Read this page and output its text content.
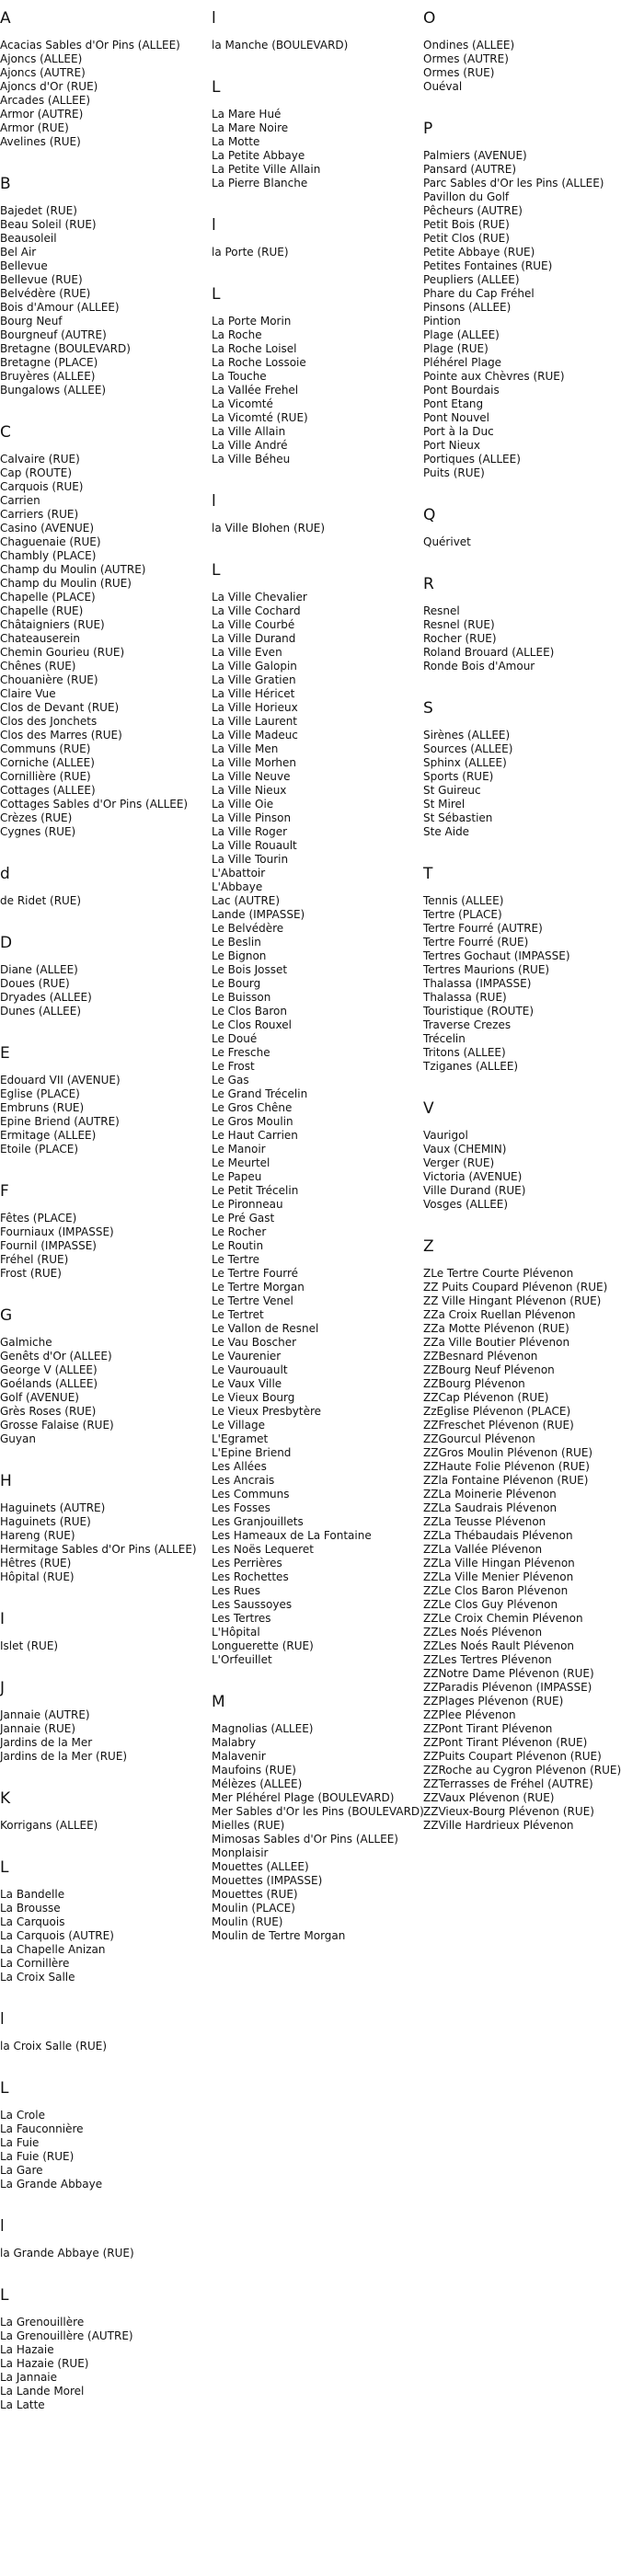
A
Acacias Sables d'Or Pins (ALLEE)
Ajoncs (ALLEE)
Ajoncs (AUTRE)
Ajoncs d'Or (RUE)
Arcades (ALLEE)
Armor (AUTRE)
Armor (RUE)
Avelines (RUE)
B
Bajedet (RUE)
Beau Soleil (RUE)
Beausoleil
Bel Air
Bellevue
Bellevue (RUE)
Belvédère (RUE)
Bois d'Amour (ALLEE)
Bourg Neuf
Bourgneuf (AUTRE)
Bretagne (BOULEVARD)
Bretagne (PLACE)
Bruyères (ALLEE)
Bungalows (ALLEE)
C
Calvaire (RUE)
Cap (ROUTE)
Carquois (RUE)
Carrien
Carriers (RUE)
Casino (AVENUE)
Chaguenaie (RUE)
Chambly (PLACE)
Champ du Moulin (AUTRE)
Champ du Moulin (RUE)
Chapelle (PLACE)
Chapelle (RUE)
Châtaigniers (RUE)
Chateauserein
Chemin Gourieu (RUE)
Chênes (RUE)
Chouanière (RUE)
Claire Vue
Clos de Devant (RUE)
Clos des Jonchets
Clos des Marres (RUE)
Communs (RUE)
Corniche (ALLEE)
Cornillière (RUE)
Cottages (ALLEE)
Cottages Sables d'Or Pins (ALLEE)
Crèzes (RUE)
Cygnes (RUE)
d
de Ridet (RUE)
D
Diane (ALLEE)
Doues (RUE)
Dryades (ALLEE)
Dunes (ALLEE)
E
Edouard VII (AVENUE)
Eglise (PLACE)
Embruns (RUE)
Epine Briend (AUTRE)
Ermitage (ALLEE)
Etoile (PLACE)
F
Fêtes (PLACE)
Fourniaux (IMPASSE)
Fournil (IMPASSE)
Fréhel (RUE)
Frost (RUE)
G
Galmiche
Genêts d'Or (ALLEE)
George V (ALLEE)
Goélands (ALLEE)
Golf (AVENUE)
Grès Roses (RUE)
Grosse Falaise (RUE)
Guyan
H
Haguinets (AUTRE)
Haguinets (RUE)
Hareng (RUE)
Hermitage Sables d'Or Pins (ALLEE)
Hêtres (RUE)
Hôpital (RUE)
I
Islet (RUE)
J
Jannaie (AUTRE)
Jannaie (RUE)
Jardins de la Mer
Jardins de la Mer (RUE)
K
Korrigans (ALLEE)
L
La Bandelle
La Brousse
La Carquois
La Carquois (AUTRE)
La Chapelle Anizan
La Cornillère
La Croix Salle
l
la Croix Salle (RUE)
L
La Crole
La Fauconnière
La Fuie
La Fuie (RUE)
La Gare
La Grande Abbaye
l
la Grande Abbaye (RUE)
L
La Grenouillère
La Grenouillère (AUTRE)
La Hazaie
La Hazaie (RUE)
La Jannaie
La Lande Morel
La Latte
l
la Manche (BOULEVARD)
L
La Mare Hué
La Mare Noire
La Motte
La Petite Abbaye
La Petite Ville Allain
La Pierre Blanche
l
la Porte (RUE)
L
La Porte Morin
La Roche
La Roche Loisel
La Roche Lossoie
La Touche
La Vallée Frehel
La Vicomté
La Vicomté (RUE)
La Ville Allain
La Ville André
La Ville Béheu
l
la Ville Blohen (RUE)
L
La Ville Chevalier
La Ville Cochard
La Ville Courbé
La Ville Durand
La Ville Even
La Ville Galopin
La Ville Gratien
La Ville Héricet
La Ville Horieux
La Ville Laurent
La Ville Madeuc
La Ville Men
La Ville Morhen
La Ville Neuve
La Ville Nieux
La Ville Oie
La Ville Pinson
La Ville Roger
La Ville Rouault
La Ville Tourin
L'Abattoir
L'Abbaye
Lac (AUTRE)
Lande (IMPASSE)
Le Belvédère
Le Beslin
Le Bignon
Le Bois Josset
Le Bourg
Le Buisson
Le Clos Baron
Le Clos Rouxel
Le Doué
Le Fresche
Le Frost
Le Gas
Le Grand Trécelin
Le Gros Chêne
Le Gros Moulin
Le Haut Carrien
Le Manoir
Le Meurtel
Le Papeu
Le Petit Trécelin
Le Pironneau
Le Pré Gast
Le Rocher
Le Routin
Le Tertre
Le Tertre Fourré
Le Tertre Morgan
Le Tertre Venel
Le Tertret
Le Vallon de Resnel
Le Vau Boscher
Le Vaurenier
Le Vaurouault
Le Vaux Ville
Le Vieux Bourg
Le Vieux Presbytère
Le Village
L'Egramet
L'Epine Briend
Les Allées
Les Ancrais
Les Communs
Les Fosses
Les Granjouillets
Les Hameaux de La Fontaine
Les Noës Lequeret
Les Perrières
Les Rochettes
Les Rues
Les Saussoyes
Les Tertres
L'Hôpital
Longuerette (RUE)
L'Orfeuillet
M
Magnolias (ALLEE)
Malabry
Malavenir
Maufoins (RUE)
Mélèzes (ALLEE)
Mer Pléhérel Plage (BOULEVARD)
Mer Sables d'Or les Pins (BOULEVARD)
Mielles (RUE)
Mimosas Sables d'Or Pins (ALLEE)
Monplaisir
Mouettes (ALLEE)
Mouettes (IMPASSE)
Mouettes (RUE)
Moulin (PLACE)
Moulin (RUE)
Moulin de Tertre Morgan
O
Ondines (ALLEE)
Ormes (AUTRE)
Ormes (RUE)
Ouéval
P
Palmiers (AVENUE)
Pansard (AUTRE)
Parc Sables d'Or les Pins (ALLEE)
Pavillon du Golf
Pêcheurs (AUTRE)
Petit Bois (RUE)
Petit Clos (RUE)
Petite Abbaye (RUE)
Petites Fontaines (RUE)
Peupliers (ALLEE)
Phare du Cap Fréhel
Pinsons (ALLEE)
Pintion
Plage (ALLEE)
Plage (RUE)
Pléhérel Plage
Pointe aux Chèvres (RUE)
Pont Bourdais
Pont Etang
Pont Nouvel
Port à la Duc
Port Nieux
Portiques (ALLEE)
Puits (RUE)
Q
Quérivet
R
Resnel
Resnel (RUE)
Rocher (RUE)
Roland Brouard (ALLEE)
Ronde Bois d'Amour
S
Sirènes (ALLEE)
Sources (ALLEE)
Sphinx (ALLEE)
Sports (RUE)
St Guireuc
St Mirel
St Sébastien
Ste Aide
T
Tennis (ALLEE)
Tertre (PLACE)
Tertre Fourré (AUTRE)
Tertre Fourré (RUE)
Tertres Gochaut (IMPASSE)
Tertres Maurions (RUE)
Thalassa (IMPASSE)
Thalassa (RUE)
Touristique (ROUTE)
Traverse Crezes
Trécelin
Tritons (ALLEE)
Tziganes (ALLEE)
V
Vaurigol
Vaux (CHEMIN)
Verger (RUE)
Victoria (AVENUE)
Ville Durand (RUE)
Vosges (ALLEE)
Z
ZLe Tertre Courte Plévenon
ZZ Puits Coupard Plévenon (RUE)
ZZ Ville Hingant Plévenon (RUE)
ZZa Croix Ruellan Plévenon
ZZa Motte Plévenon (RUE)
ZZa Ville Boutier Plévenon
ZZBesnard Plévenon
ZZBourg Neuf Plévenon
ZZBourg Plévenon
ZZCap Plévenon (RUE)
ZzEglise Plévenon (PLACE)
ZZFreschet Plévenon (RUE)
ZZGourcul Plévenon
ZZGros Moulin Plévenon (RUE)
ZZHaute Folie Plévenon (RUE)
ZZla Fontaine Plévenon (RUE)
ZZLa Moinerie Plévenon
ZZLa Saudrais Plévenon
ZZLa Teusse Plévenon
ZZLa Thébaudais Plévenon
ZZLa Vallée Plévenon
ZZLa Ville Hingan Plévenon
ZZLa Ville Menier Plévenon
ZZLe Clos Baron Plévenon
ZZLe Clos Guy Plévenon
ZZLe Croix Chemin Plévenon
ZZLes Noés Plévenon
ZZLes Noés Rault Plévenon
ZZLes Tertres Plévenon
ZZNotre Dame Plévenon (RUE)
ZZParadis Plévenon (IMPASSE)
ZZPlages Plévenon (RUE)
ZZPlee Plévenon
ZZPont Tirant Plévenon
ZZPont Tirant Plévenon (RUE)
ZZPuits Coupart Plévenon (RUE)
ZZRoche au Cygron Plévenon (RUE)
ZZTerrasses de Fréhel (AUTRE)
ZZVaux Plévenon (RUE)
ZZVieux-Bourg Plévenon (RUE)
ZZVille Hardrieux Plévenon
